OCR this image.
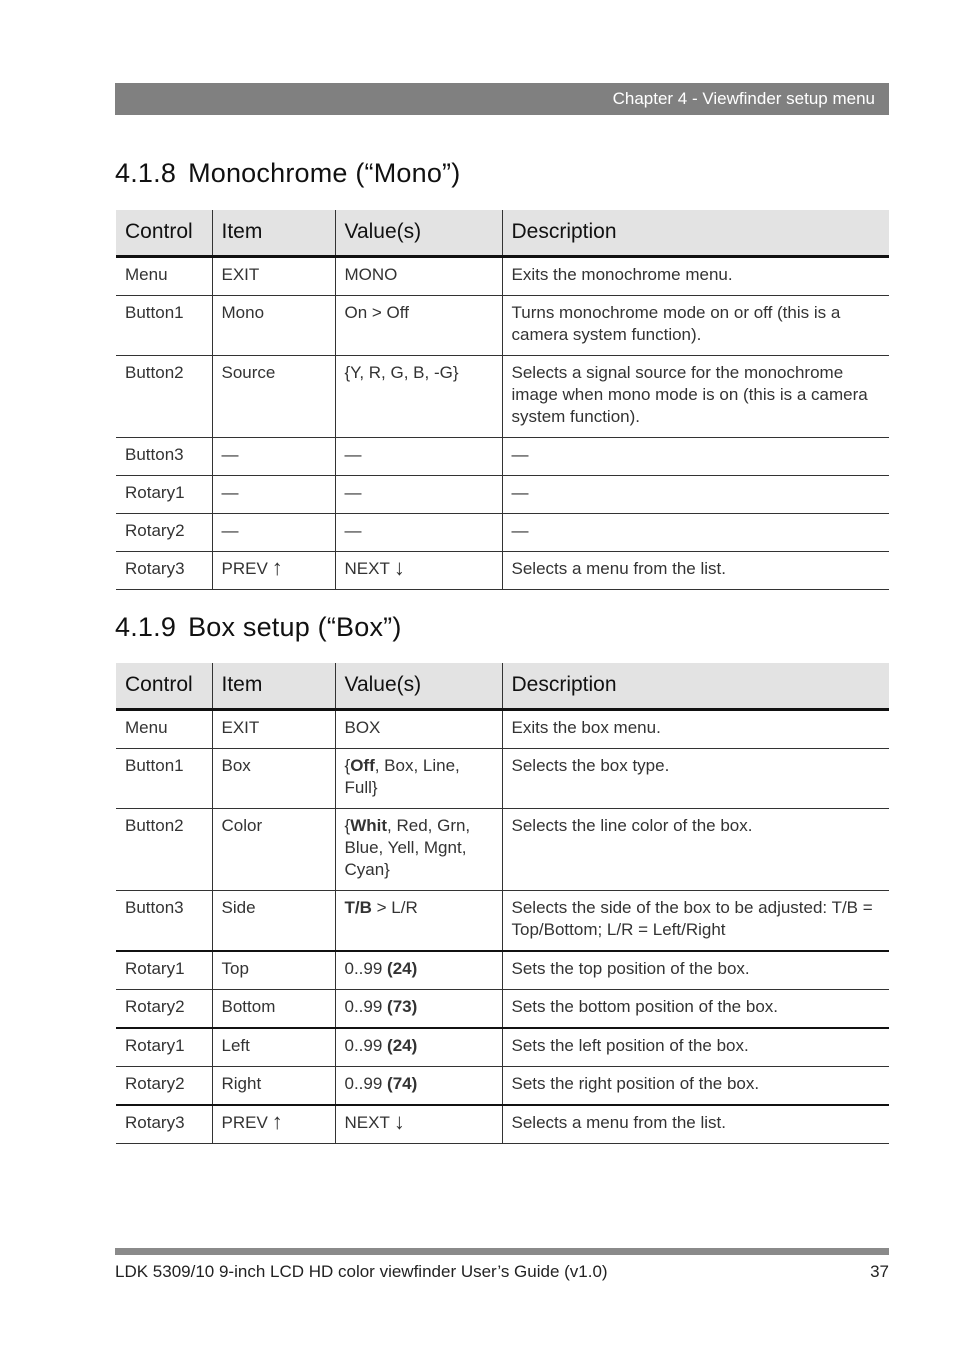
Chapter 4 - Viewfinder setup menu
4.1.8 Monochrome (“Mono”)
Control	Item	Value(s)	Description
Menu	EXIT	MONO	Exits the monochrome menu.
Button1	Mono	On > Off	Turns monochrome mode on or off (this is a camera system function).
Button2	Source	{Y, R, G, B, -G}	Selects a signal source for the monochrome image when mono mode is on (this is a camera system function).
Button3	—	—	—
Rotary1	—	—	—
Rotary2	—	—	—
Rotary3	PREV ↑	NEXT ↓	Selects a menu from the list.
4.1.9 Box setup (“Box”)
Control	Item	Value(s)	Description
Menu	EXIT	BOX	Exits the box menu.
Button1	Box	{Off, Box, Line, Full}	Selects the box type.
Button2	Color	{Whit, Red, Grn, Blue, Yell, Mgnt, Cyan}	Selects the line color of the box.
Button3	Side	T/B > L/R	Selects the side of the box to be adjusted: T/B = Top/Bottom; L/R = Left/Right
Rotary1	Top	0..99 (24)	Sets the top position of the box.
Rotary2	Bottom	0..99 (73)	Sets the bottom position of the box.
Rotary1	Left	0..99 (24)	Sets the left position of the box.
Rotary2	Right	0..99 (74)	Sets the right position of the box.
Rotary3	PREV ↑	NEXT ↓	Selects a menu from the list.
LDK 5309/10 9-inch LCD HD color viewfinder User’s Guide (v1.0)	37
